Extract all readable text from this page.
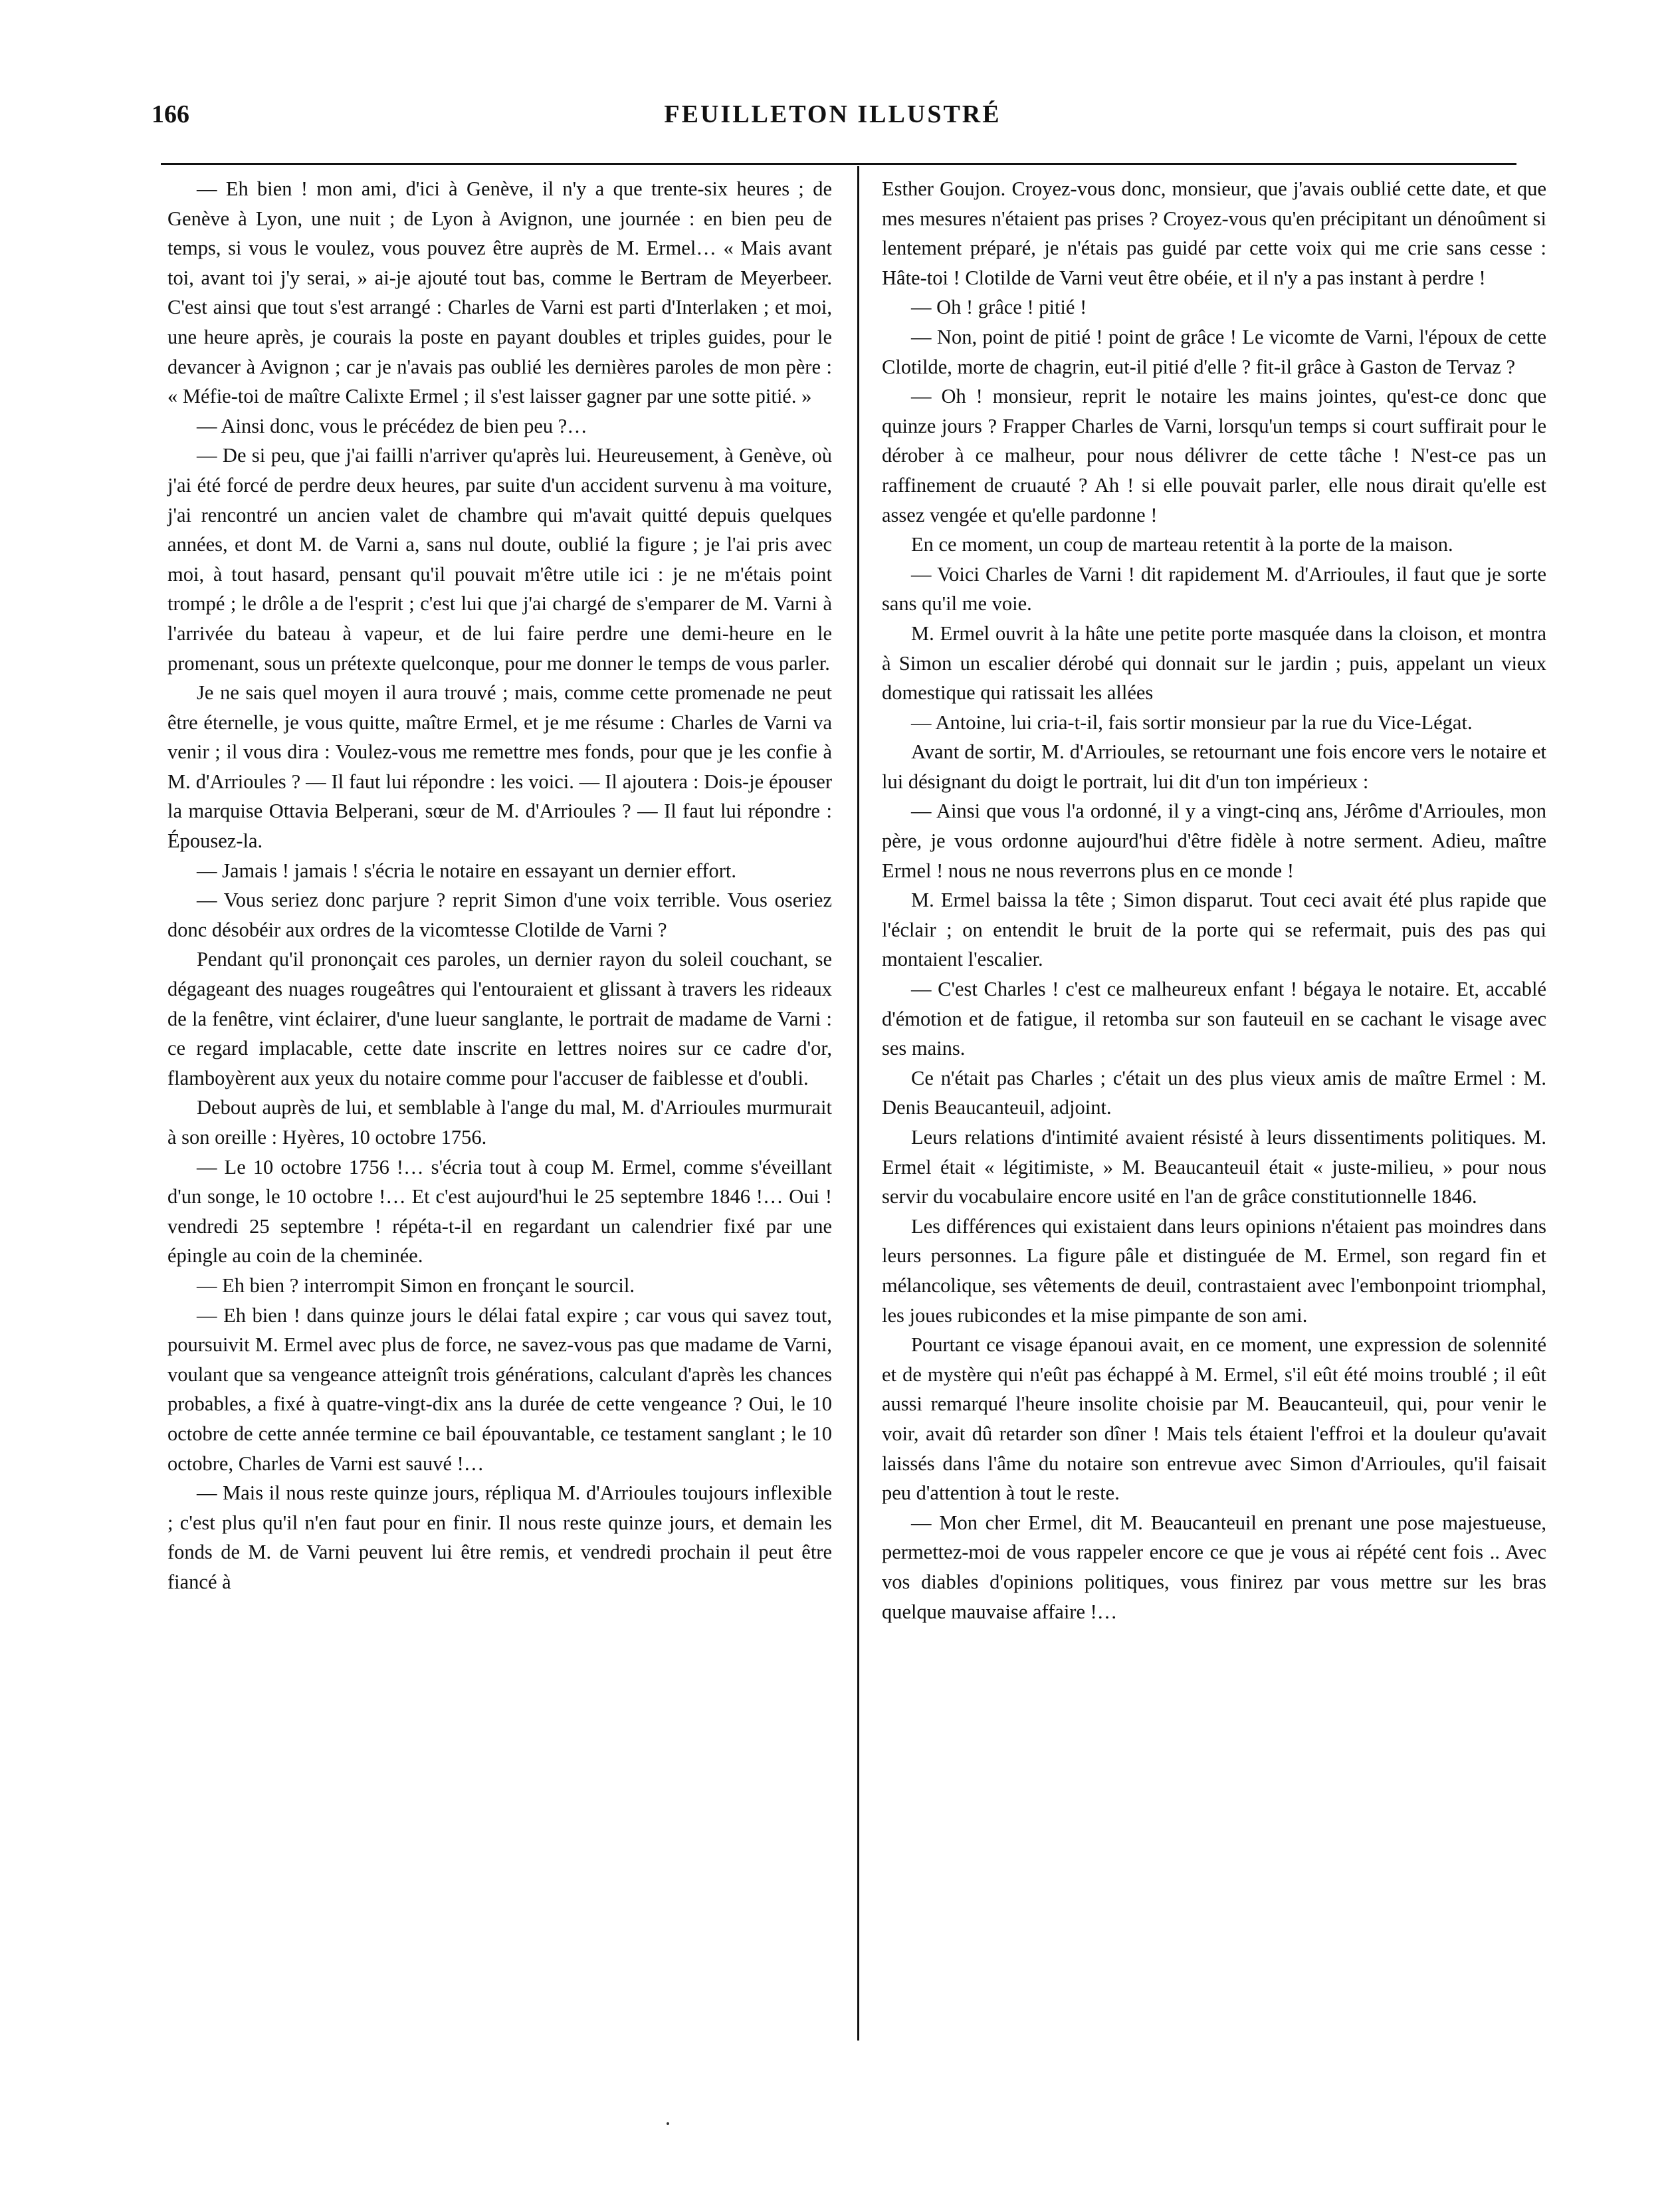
166	FEUILLETON ILLUSTRÉ

— Eh bien ! mon ami, d'ici à Genève, il n'y a que trente-six heures ; de Genève à Lyon, une nuit ; de Lyon à Avignon, une journée : en bien peu de temps, si vous le voulez, vous pouvez être auprès de M. Ermel… « Mais avant toi, avant toi j'y serai, » ai-je ajouté tout bas, comme le Bertram de Meyerbeer. C'est ainsi que tout s'est arrangé : Charles de Varni est parti d'Interlaken ; et moi, une heure après, je courais la poste en payant doubles et triples guides, pour le devancer à Avignon ; car je n'avais pas oublié les dernières paroles de mon père : « Méfie-toi de maître Calixte Ermel ; il s'est laisser gagner par une sotte pitié. »

— Ainsi donc, vous le précédez de bien peu ?…

— De si peu, que j'ai failli n'arriver qu'après lui. Heureusement, à Genève, où j'ai été forcé de perdre deux heures, par suite d'un accident survenu à ma voiture, j'ai rencontré un ancien valet de chambre qui m'avait quitté depuis quelques années, et dont M. de Varni a, sans nul doute, oublié la figure ; je l'ai pris avec moi, à tout hasard, pensant qu'il pouvait m'être utile ici : je ne m'étais point trompé ; le drôle a de l'esprit ; c'est lui que j'ai chargé de s'emparer de M. Varni à l'arrivée du bateau à vapeur, et de lui faire perdre une demi-heure en le promenant, sous un prétexte quelconque, pour me donner le temps de vous parler.

Je ne sais quel moyen il aura trouvé ; mais, comme cette promenade ne peut être éternelle, je vous quitte, maître Ermel, et je me résume : Charles de Varni va venir ; il vous dira : Voulez-vous me remettre mes fonds, pour que je les confie à M. d'Arrioules ? — Il faut lui répondre : les voici. — Il ajoutera : Dois-je épouser la marquise Ottavia Belperani, sœur de M. d'Arrioules ? — Il faut lui répondre : Épousez-la.

— Jamais ! jamais ! s'écria le notaire en essayant un dernier effort.

— Vous seriez donc parjure ? reprit Simon d'une voix terrible. Vous oseriez donc désobéir aux ordres de la vicomtesse Clotilde de Varni ?

Pendant qu'il prononçait ces paroles, un dernier rayon du soleil couchant, se dégageant des nuages rougeâtres qui l'entouraient et glissant à travers les rideaux de la fenêtre, vint éclairer, d'une lueur sanglante, le portrait de madame de Varni : ce regard implacable, cette date inscrite en lettres noires sur ce cadre d'or, flamboyèrent aux yeux du notaire comme pour l'accuser de faiblesse et d'oubli.

Debout auprès de lui, et semblable à l'ange du mal, M. d'Arrioules murmurait à son oreille : Hyères, 10 octobre 1756.

— Le 10 octobre 1756 !… s'écria tout à coup M. Ermel, comme s'éveillant d'un songe, le 10 octobre !… Et c'est aujourd'hui le 25 septembre 1846 !… Oui ! vendredi 25 septembre ! répéta-t-il en regardant un calendrier fixé par une épingle au coin de la cheminée.

— Eh bien ? interrompit Simon en fronçant le sourcil.

— Eh bien ! dans quinze jours le délai fatal expire ; car vous qui savez tout, poursuivit M. Ermel avec plus de force, ne savez-vous pas que madame de Varni, voulant que sa vengeance atteignît trois générations, calculant d'après les chances probables, a fixé à quatre-vingt-dix ans la durée de cette vengeance ? Oui, le 10 octobre de cette année termine ce bail épouvantable, ce testament sanglant ; le 10 octobre, Charles de Varni est sauvé !…

— Mais il nous reste quinze jours, répliqua M. d'Arrioules toujours inflexible ; c'est plus qu'il n'en faut pour en finir. Il nous reste quinze jours, et demain les fonds de M. de Varni peuvent lui être remis, et vendredi prochain il peut être fiancé à

Esther Goujon. Croyez-vous donc, monsieur, que j'avais oublié cette date, et que mes mesures n'étaient pas prises ? Croyez-vous qu'en précipitant un dénoûment si lentement préparé, je n'étais pas guidé par cette voix qui me crie sans cesse : Hâte-toi ! Clotilde de Varni veut être obéie, et il n'y a pas instant à perdre !

— Oh ! grâce ! pitié !

— Non, point de pitié ! point de grâce ! Le vicomte de Varni, l'époux de cette Clotilde, morte de chagrin, eut-il pitié d'elle ? fit-il grâce à Gaston de Tervaz ?

— Oh ! monsieur, reprit le notaire les mains jointes, qu'est-ce donc que quinze jours ? Frapper Charles de Varni, lorsqu'un temps si court suffirait pour le dérober à ce malheur, pour nous délivrer de cette tâche ! N'est-ce pas un raffinement de cruauté ? Ah ! si elle pouvait parler, elle nous dirait qu'elle est assez vengée et qu'elle pardonne !

En ce moment, un coup de marteau retentit à la porte de la maison.

— Voici Charles de Varni ! dit rapidement M. d'Arrioules, il faut que je sorte sans qu'il me voie.

M. Ermel ouvrit à la hâte une petite porte masquée dans la cloison, et montra à Simon un escalier dérobé qui donnait sur le jardin ; puis, appelant un vieux domestique qui ratissait les allées

— Antoine, lui cria-t-il, fais sortir monsieur par la rue du Vice-Légat.

Avant de sortir, M. d'Arrioules, se retournant une fois encore vers le notaire et lui désignant du doigt le portrait, lui dit d'un ton impérieux :

— Ainsi que vous l'a ordonné, il y a vingt-cinq ans, Jérôme d'Arrioules, mon père, je vous ordonne aujourd'hui d'être fidèle à notre serment. Adieu, maître Ermel ! nous ne nous reverrons plus en ce monde !

M. Ermel baissa la tête ; Simon disparut. Tout ceci avait été plus rapide que l'éclair ; on entendit le bruit de la porte qui se refermait, puis des pas qui montaient l'escalier.

— C'est Charles ! c'est ce malheureux enfant ! bégaya le notaire. Et, accablé d'émotion et de fatigue, il retomba sur son fauteuil en se cachant le visage avec ses mains.

Ce n'était pas Charles ; c'était un des plus vieux amis de maître Ermel : M. Denis Beaucanteuil, adjoint.

Leurs relations d'intimité avaient résisté à leurs dissentiments politiques. M. Ermel était « légitimiste, » M. Beaucanteuil était « juste-milieu, » pour nous servir du vocabulaire encore usité en l'an de grâce constitutionnelle 1846.

Les différences qui existaient dans leurs opinions n'étaient pas moindres dans leurs personnes. La figure pâle et distinguée de M. Ermel, son regard fin et mélancolique, ses vêtements de deuil, contrastaient avec l'embonpoint triomphal, les joues rubicondes et la mise pimpante de son ami.

Pourtant ce visage épanoui avait, en ce moment, une expression de solennité et de mystère qui n'eût pas échappé à M. Ermel, s'il eût été moins troublé ; il eût aussi remarqué l'heure insolite choisie par M. Beaucanteuil, qui, pour venir le voir, avait dû retarder son dîner ! Mais tels étaient l'effroi et la douleur qu'avait laissés dans l'âme du notaire son entrevue avec Simon d'Arrioules, qu'il faisait peu d'attention à tout le reste.

— Mon cher Ermel, dit M. Beaucanteuil en prenant une pose majestueuse, permettez-moi de vous rappeler encore ce que je vous ai répété cent fois .. Avec vos diables d'opinions politiques, vous finirez par vous mettre sur les bras quelque mauvaise affaire !…
